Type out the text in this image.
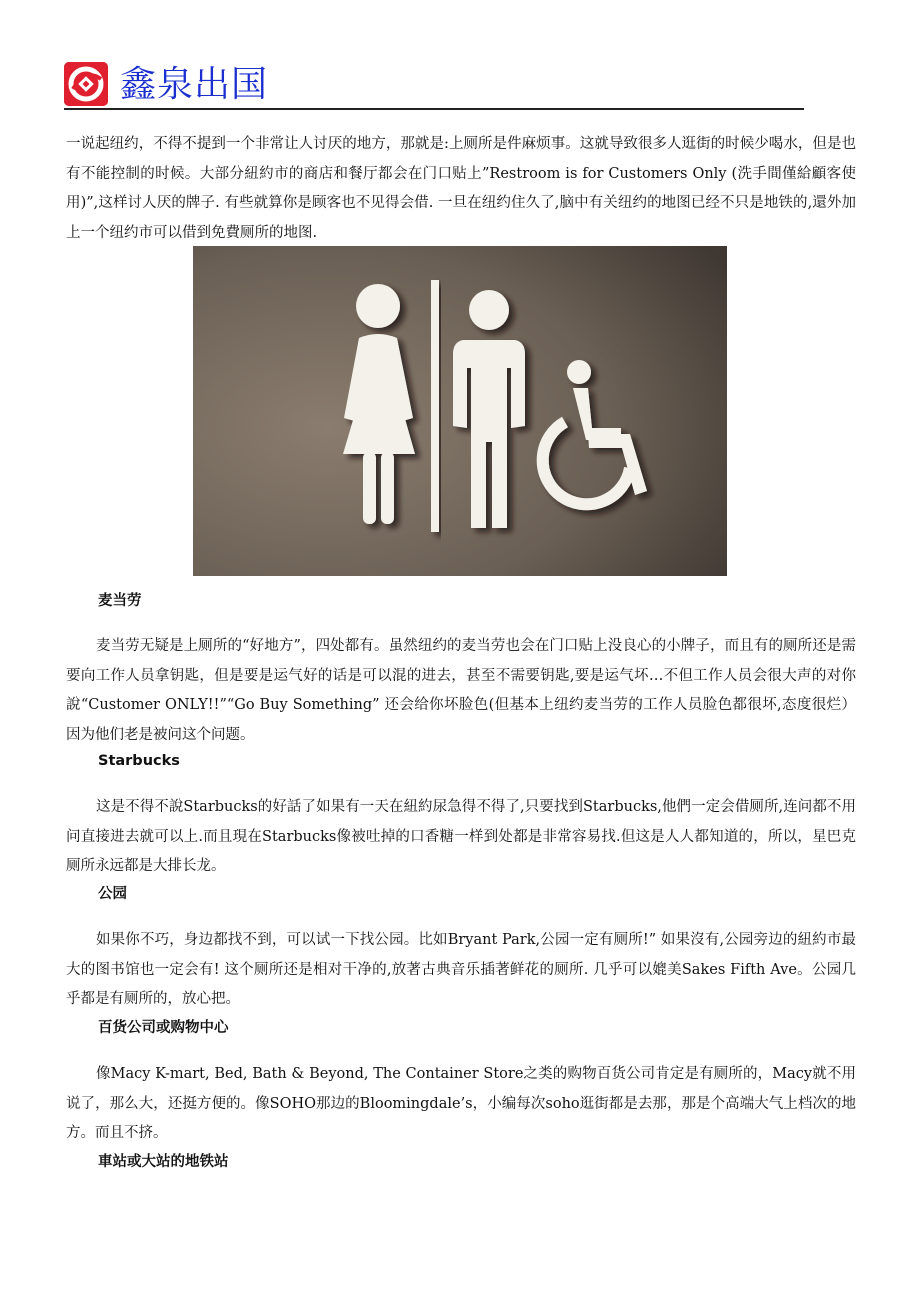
鑫泉出国

一说起纽约，不得不提到一个非常让人讨厌的地方，那就是:上厕所是件麻烦事。这就导致很多人逛街的时候少喝水，但是也有不能控制的时候。大部分紐約市的商店和餐厅都会在门口贴上”Restroom is for Customers Only (洗手間僅給顧客使用)”,这样讨人厌的牌子. 有些就算你是顾客也不见得会借. 一旦在纽约住久了,脑中有关纽约的地图已经不只是地铁的,還外加上一个纽约市可以借到免費厕所的地图.

麦当劳

麦当劳无疑是上厕所的“好地方”，四处都有。虽然纽约的麦当劳也会在门口贴上没良心的小牌子，而且有的厕所还是需要向工作人员拿钥匙，但是要是运气好的话是可以混的进去，甚至不需要钥匙,要是运气坏…不但工作人员会很大声的对你說“Customer ONLY!!”“Go Buy Something” 还会给你坏脸色(但基本上纽约麦当劳的工作人员脸色都很坏,态度很烂）因为他们老是被问这个问题。

Starbucks

这是不得不說Starbucks的好話了如果有一天在紐約尿急得不得了,只要找到Starbucks,他們一定会借厕所,连问都不用问直接进去就可以上.而且現在Starbucks像被吐掉的口香糖一样到处都是非常容易找.但这是人人都知道的，所以，星巴克厕所永远都是大排长龙。

公园

如果你不巧，身边都找不到，可以试一下找公园。比如Bryant Park,公园一定有厕所!” 如果沒有,公园旁边的紐約市最大的图书馆也一定会有! 这个厕所还是相对干净的,放著古典音乐插著鲜花的厕所. 几乎可以媲美Sakes Fifth Ave。公园几乎都是有厕所的，放心把。

百货公司或购物中心

像Macy K-mart, Bed, Bath & Beyond, The Container Store之类的购物百货公司肯定是有厕所的，Macy就不用说了，那么大，还挺方便的。像SOHO那边的Bloomingdale’s，小编每次soho逛街都是去那，那是个高端大气上档次的地方。而且不挤。

車站或大站的地铁站
